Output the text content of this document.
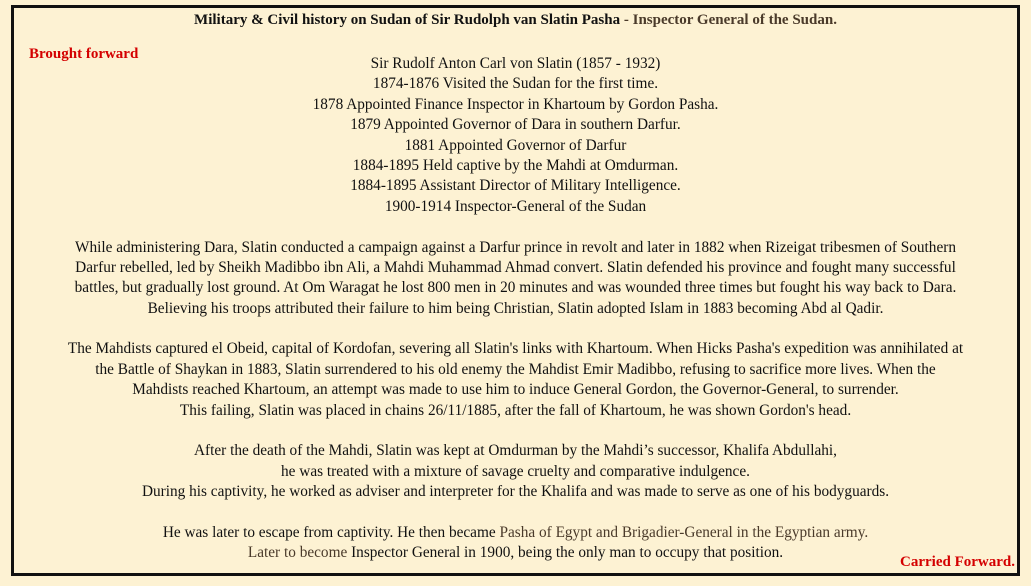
Military & Civil history on Sudan of Sir Rudolph van Slatin Pasha - Inspector General of the Sudan.
Brought forward
Sir Rudolf Anton Carl von Slatin (1857 - 1932)
1874-1876 Visited the Sudan for the first time.
1878 Appointed Finance Inspector in Khartoum by Gordon Pasha.
1879 Appointed Governor of Dara in southern Darfur.
1881 Appointed Governor of Darfur
1884-1895 Held captive by the Mahdi at Omdurman.
1884-1895 Assistant Director of Military Intelligence.
1900-1914 Inspector-General of the Sudan
While administering Dara, Slatin conducted a campaign against a Darfur prince in revolt and later in 1882 when Rizeigat tribesmen of Southern
Darfur rebelled, led by Sheikh Madibbo ibn Ali, a Mahdi Muhammad Ahmad convert. Slatin defended his province and fought many successful
battles, but gradually lost ground. At Om Waragat he lost 800 men in 20 minutes and was wounded three times but fought his way back to Dara.
Believing his troops attributed their failure to him being Christian, Slatin adopted Islam in 1883 becoming Abd al Qadir.
The Mahdists captured el Obeid, capital of Kordofan, severing all Slatin's links with Khartoum. When Hicks Pasha's expedition was annihilated at
the Battle of Shaykan in 1883, Slatin surrendered to his old enemy the Mahdist Emir Madibbo, refusing to sacrifice more lives. When the
Mahdists reached Khartoum, an attempt was made to use him to induce General Gordon, the Governor-General, to surrender.
This failing, Slatin was placed in chains 26/11/1885, after the fall of Khartoum, he was shown Gordon's head.
After the death of the Mahdi, Slatin was kept at Omdurman by the Mahdi’s successor, Khalifa Abdullahi,
he was treated with a mixture of savage cruelty and comparative indulgence.
During his captivity, he worked as adviser and interpreter for the Khalifa and was made to serve as one of his bodyguards.
He was later to escape from captivity. He then became Pasha of Egypt and Brigadier-General in the Egyptian army.
Later to become Inspector General in 1900, being the only man to occupy that position.
Carried Forward.
